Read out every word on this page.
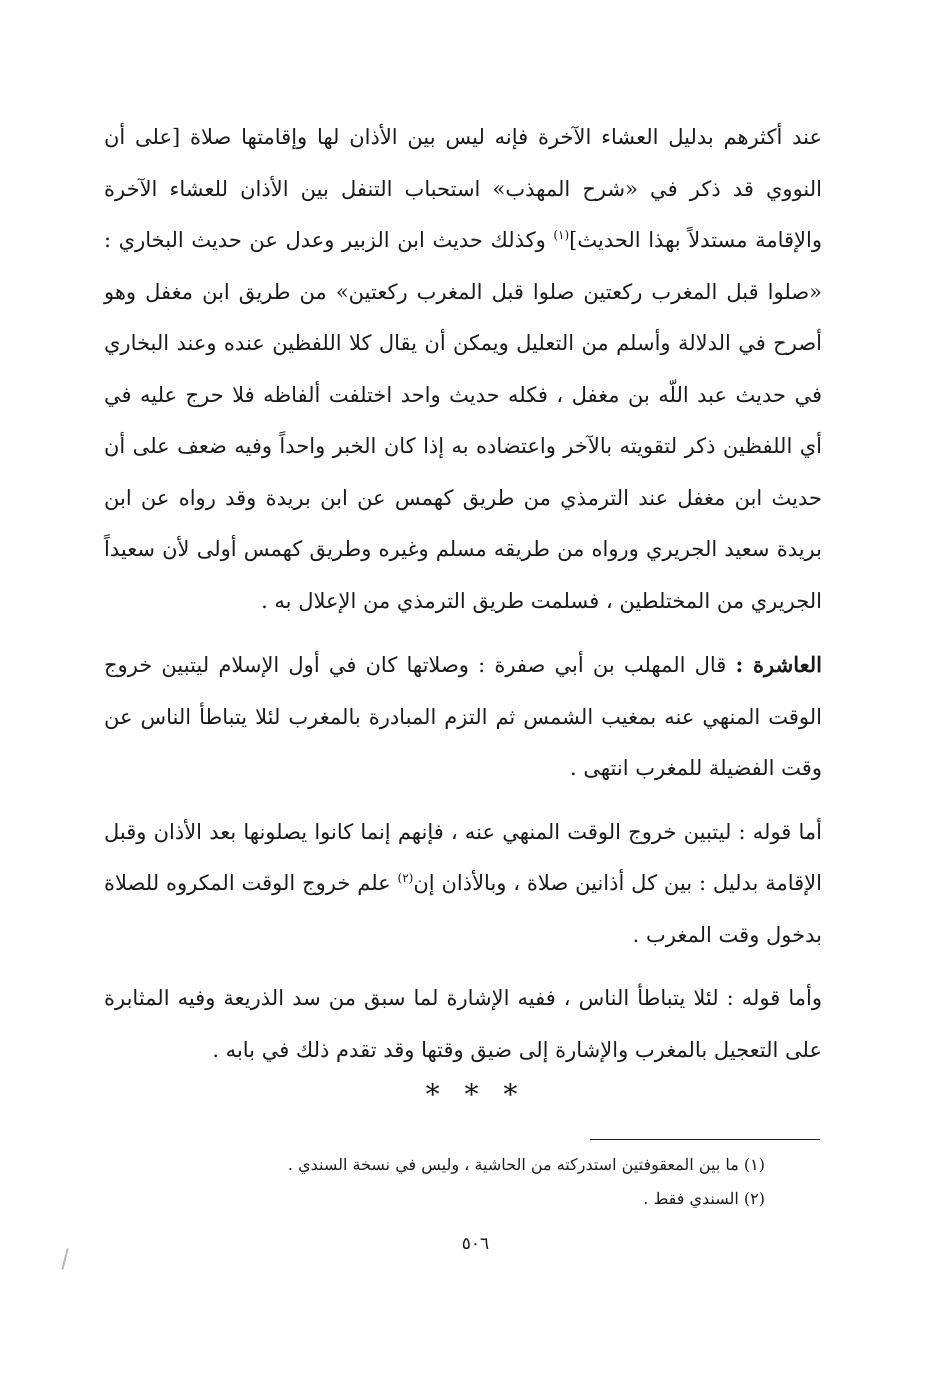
عند أكثرهم بدليل العشاء الآخرة فإنه ليس بين الأذان لها وإقامتها صلاة [على أن النووي قد ذكر في «شرح المهذب» استحباب التنفل بين الأذان للعشاء الآخرة والإقامة مستدلاً بهذا الحديث]$^{(١)}$ وكذلك حديث ابن الزبير وعدل عن حديث البخاري : «صلوا قبل المغرب ركعتين صلوا قبل المغرب ركعتين» من طريق ابن مغفل وهو أصرح في الدلالة وأسلم من التعليل ويمكن أن يقال كلا اللفظين عنده وعند البخاري في حديث عبد اللّه بن مغفل ، فكله حديث واحد اختلفت ألفاظه فلا حرج عليه في أي اللفظين ذكر لتقويته بالآخر واعتضاده به إذا كان الخبر واحداً وفيه ضعف على أن حديث ابن مغفل عند الترمذي من طريق كهمس عن ابن بريدة وقد رواه عن ابن بريدة سعيد الجريري ورواه من طريقه مسلم وغيره وطريق كهمس أولى لأن سعيداً الجريري من المختلطين ، فسلمت طريق الترمذي من الإعلال به .

العاشرة : قال المهلب بن أبي صفرة : وصلاتها كان في أول الإسلام ليتبين خروج الوقت المنهي عنه بمغيب الشمس ثم التزم المبادرة بالمغرب لئلا يتباطأ الناس عن وقت الفضيلة للمغرب انتهى .

أما قوله : ليتبين خروج الوقت المنهي عنه ، فإنهم إنما كانوا يصلونها بعد الأذان وقبل الإقامة بدليل : بين كل أذانين صلاة ، وبالأذان إن$^{(٢)}$ علم خروج الوقت المكروه للصلاة بدخول وقت المغرب .

وأما قوله : لئلا يتباطأ الناس ، ففيه الإشارة لما سبق من سد الذريعة وفيه المثابرة على التعجيل بالمغرب والإشارة إلى ضيق وقتها وقد تقدم ذلك في بابه .

* * *

(١) ما بين المعقوفتين استدركته من الحاشية ، وليس في نسخة السندي .

(٢) السندي فقط .

٥٠٦
